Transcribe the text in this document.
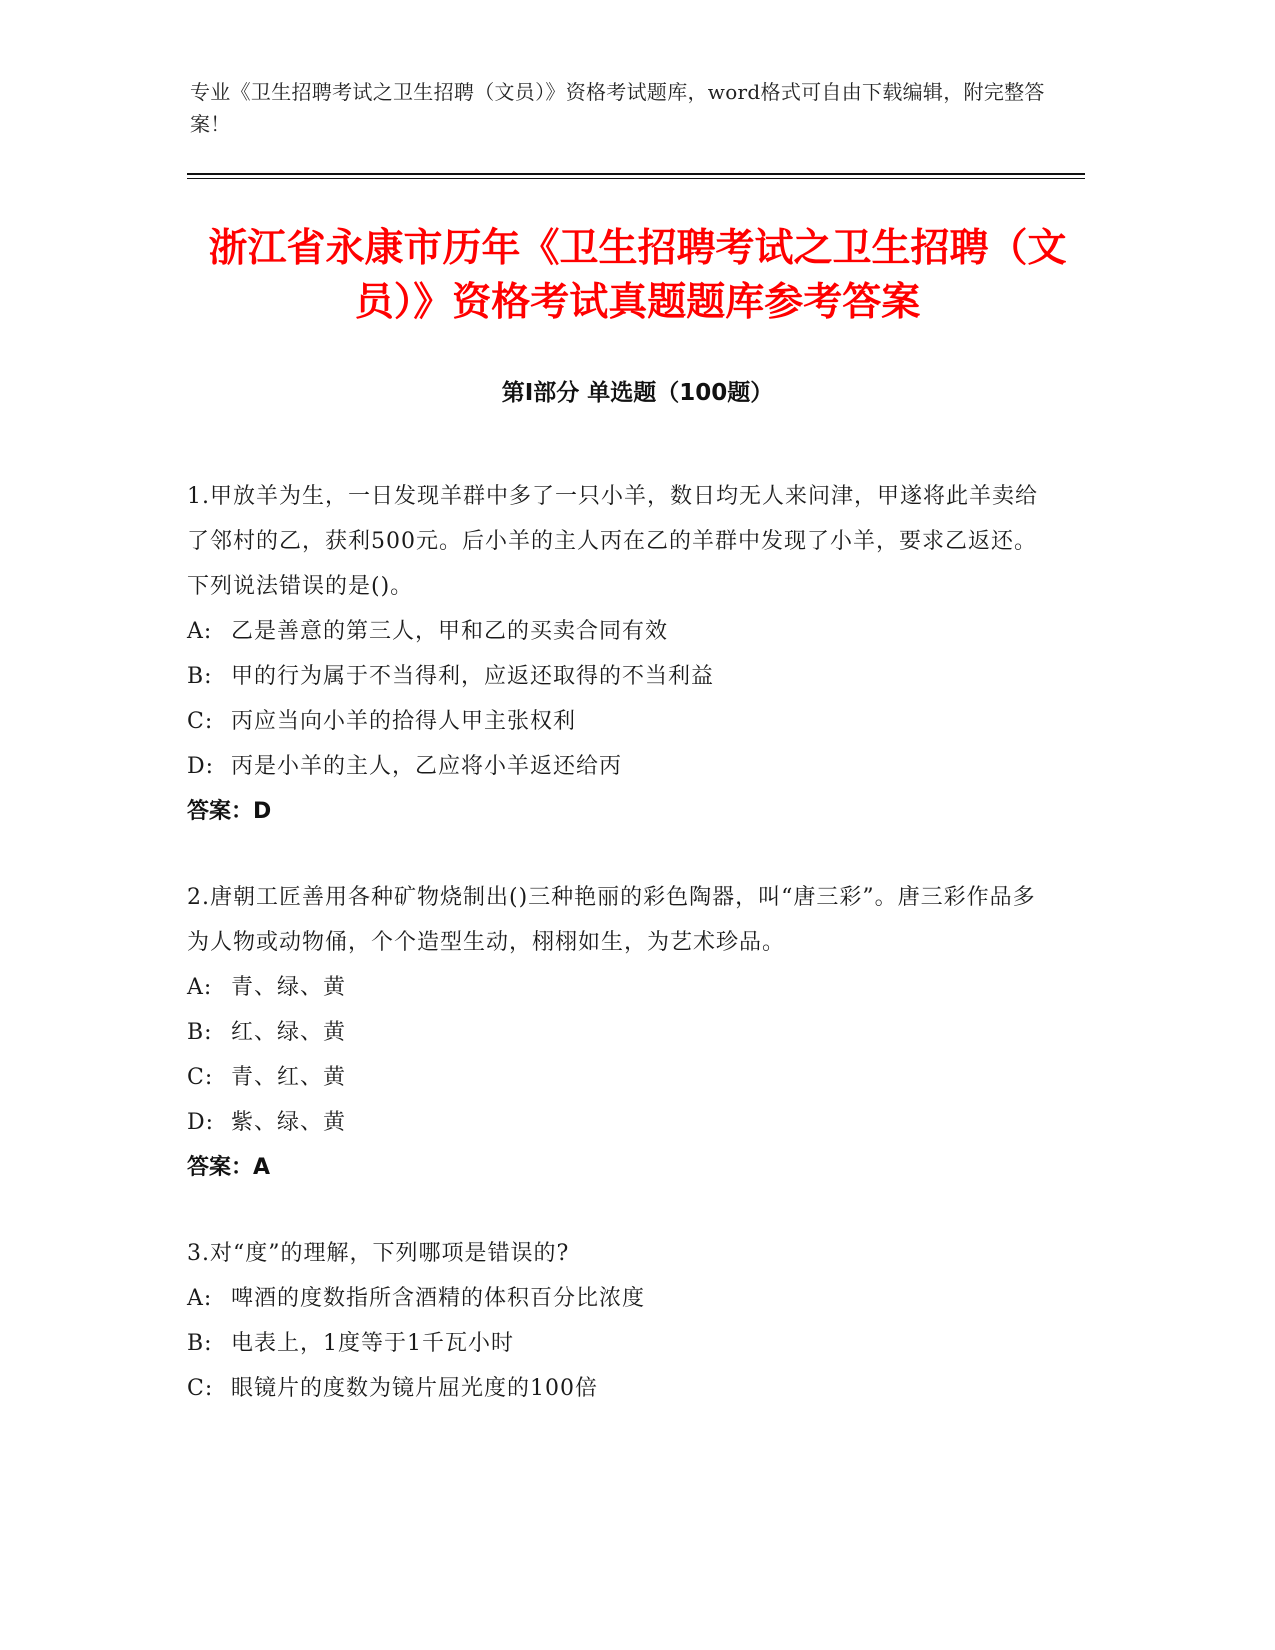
专业《卫生招聘考试之卫生招聘（文员）》资格考试题库，word格式可自由下载编辑，附完整答案！
浙江省永康市历年《卫生招聘考试之卫生招聘（文员）》资格考试真题题库参考答案
第Ⅰ部分 单选题（100题）
1.甲放羊为生，一日发现羊群中多了一只小羊，数日均无人来问津，甲遂将此羊卖给了邻村的乙，获利500元。后小羊的主人丙在乙的羊群中发现了小羊，要求乙返还。下列说法错误的是()。
A: 乙是善意的第三人，甲和乙的买卖合同有效
B: 甲的行为属于不当得利，应返还取得的不当利益
C: 丙应当向小羊的拾得人甲主张权利
D: 丙是小羊的主人，乙应将小羊返还给丙
答案：D
2.唐朝工匠善用各种矿物烧制出()三种艳丽的彩色陶器，叫“唐三彩”。唐三彩作品多为人物或动物俑，个个造型生动，栩栩如生，为艺术珍品。
A: 青、绿、黄
B: 红、绿、黄
C: 青、红、黄
D: 紫、绿、黄
答案：A
3.对“度”的理解，下列哪项是错误的?
A: 啤酒的度数指所含酒精的体积百分比浓度
B: 电表上，1度等于1千瓦小时
C: 眼镜片的度数为镜片屈光度的100倍
